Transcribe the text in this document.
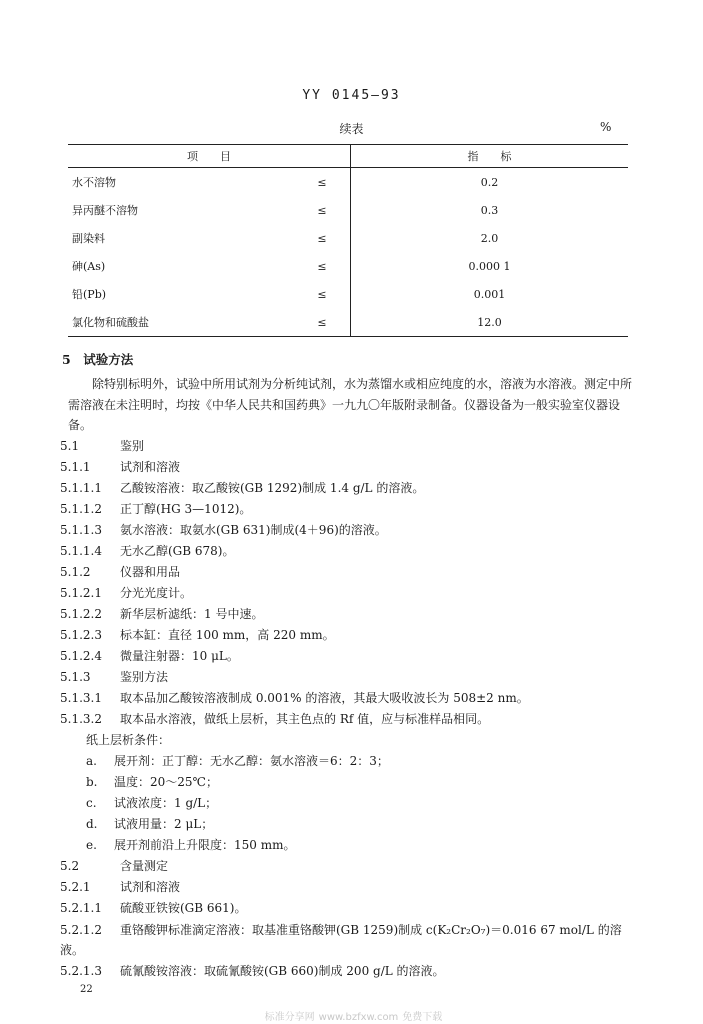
YY 0145—93
续表	%
项　　目		指　　标
水不溶物	≤	0.2
异丙醚不溶物	≤	0.3
副染料	≤	2.0
砷(As)	≤	0.000 1
铅(Pb)	≤	0.001
氯化物和硫酸盐	≤	12.0
5　试验方法
除特别标明外，试验中所用试剂为分析纯试剂，水为蒸馏水或相应纯度的水，溶液为水溶液。测定中所需溶液在未注明时，均按《中华人民共和国药典》一九九〇年版附录制备。仪器设备为一般实验室仪器设备。
5.1	鉴别
5.1.1 试剂和溶液
5.1.1.1 乙酸铵溶液：取乙酸铵(GB 1292)制成 1.4 g/L 的溶液。
5.1.1.2 正丁醇(HG 3—1012)。
5.1.1.3 氨水溶液：取氨水(GB 631)制成(4＋96)的溶液。
5.1.1.4 无水乙醇(GB 678)。
5.1.2 仪器和用品
5.1.2.1 分光光度计。
5.1.2.2 新华层析滤纸：1 号中速。
5.1.2.3 标本缸：直径 100 mm，高 220 mm。
5.1.2.4 微量注射器：10 μL。
5.1.3 鉴别方法
5.1.3.1 取本品加乙酸铵溶液制成 0.001% 的溶液，其最大吸收波长为 508±2 nm。
5.1.3.2 取本品水溶液，做纸上层析，其主色点的 Rf 值，应与标准样品相同。
纸上层析条件：
a. 展开剂：正丁醇：无水乙醇：氨水溶液＝6：2：3；
b. 温度：20～25℃；
c. 试液浓度：1 g/L；
d. 试液用量：2 μL；
e. 展开剂前沿上升限度：150 mm。
5.2	含量测定
5.2.1 试剂和溶液
5.2.1.1 硫酸亚铁铵(GB 661)。
5.2.1.2 重铬酸钾标准滴定溶液：取基准重铬酸钾(GB 1259)制成 c(K₂Cr₂O₇)＝0.016 67 mol/L 的溶液。
5.2.1.3 硫氰酸铵溶液：取硫氰酸铵(GB 660)制成 200 g/L 的溶液。
22
标准分享网 www.bzfxw.com 免费下载
